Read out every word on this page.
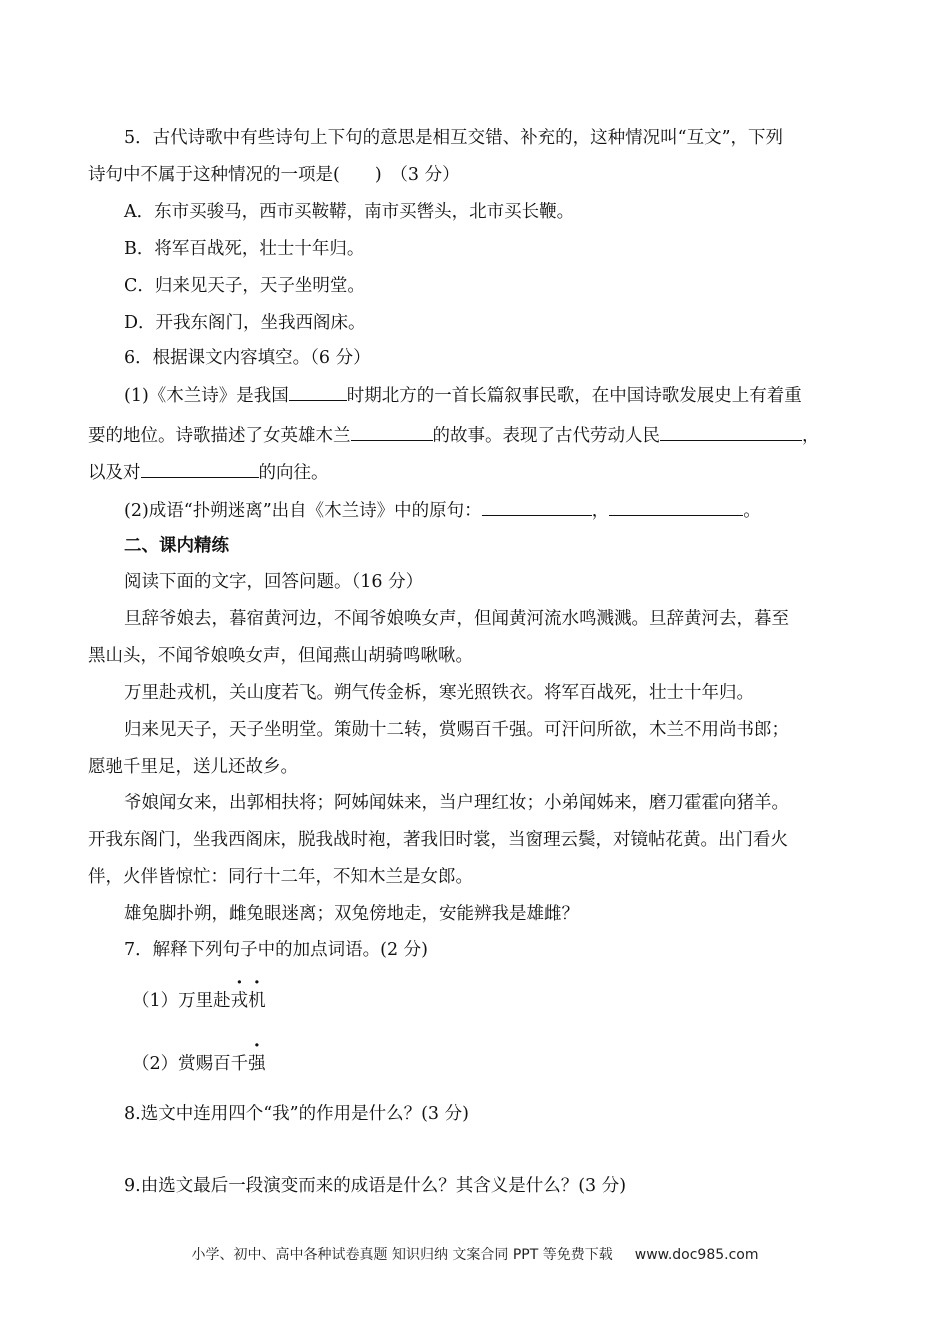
5．古代诗歌中有些诗句上下句的意思是相互交错、补充的，这种情况叫“互文”，下列
诗句中不属于这种情况的一项是(　　)　（3 分）
A．东市买骏马，西市买鞍鞯，南市买辔头，北市买长鞭。
B．将军百战死，壮士十年归。
C．归来见天子，天子坐明堂。
D．开我东阁门，坐我西阁床。
6．根据课文内容填空。（6 分）
(1)《木兰诗》是我国	时期北方的一首长篇叙事民歌，在中国诗歌发展史上有着重
要的地位。诗歌描述了女英雄木兰	的故事。表现了古代劳动人民	，
以及对	的向往。
(2)成语“扑朔迷离”出自《木兰诗》中的原句：	，	。
二、课内精练
阅读下面的文字，回答问题。（16 分）
旦辞爷娘去，暮宿黄河边，不闻爷娘唤女声，但闻黄河流水鸣溅溅。旦辞黄河去，暮至
黑山头，不闻爷娘唤女声，但闻燕山胡骑鸣啾啾。
万里赴戎机，关山度若飞。朔气传金柝，寒光照铁衣。将军百战死，壮士十年归。
归来见天子，天子坐明堂。策勋十二转，赏赐百千强。可汗问所欲，木兰不用尚书郎；
愿驰千里足，送儿还故乡。
爷娘闻女来，出郭相扶将；阿姊闻妹来，当户理红妆；小弟闻姊来，磨刀霍霍向猪羊。
开我东阁门，坐我西阁床，脱我战时袍，著我旧时裳，当窗理云鬓，对镜帖花黄。出门看火
伴，火伴皆惊忙：同行十二年，不知木兰是女郎。
雄兔脚扑朔，雌兔眼迷离；双兔傍地走，安能辨我是雄雌？
7．解释下列句子中的加点词语。(2 分)
（1）万里赴戎机
（2）赏赐百千强
8.选文中连用四个“我”的作用是什么？(3 分)
9.由选文最后一段演变而来的成语是什么？其含义是什么？(3 分)
小学、初中、高中各种试卷真题 知识归纳 文案合同 PPT 等免费下载 www.doc985.com
